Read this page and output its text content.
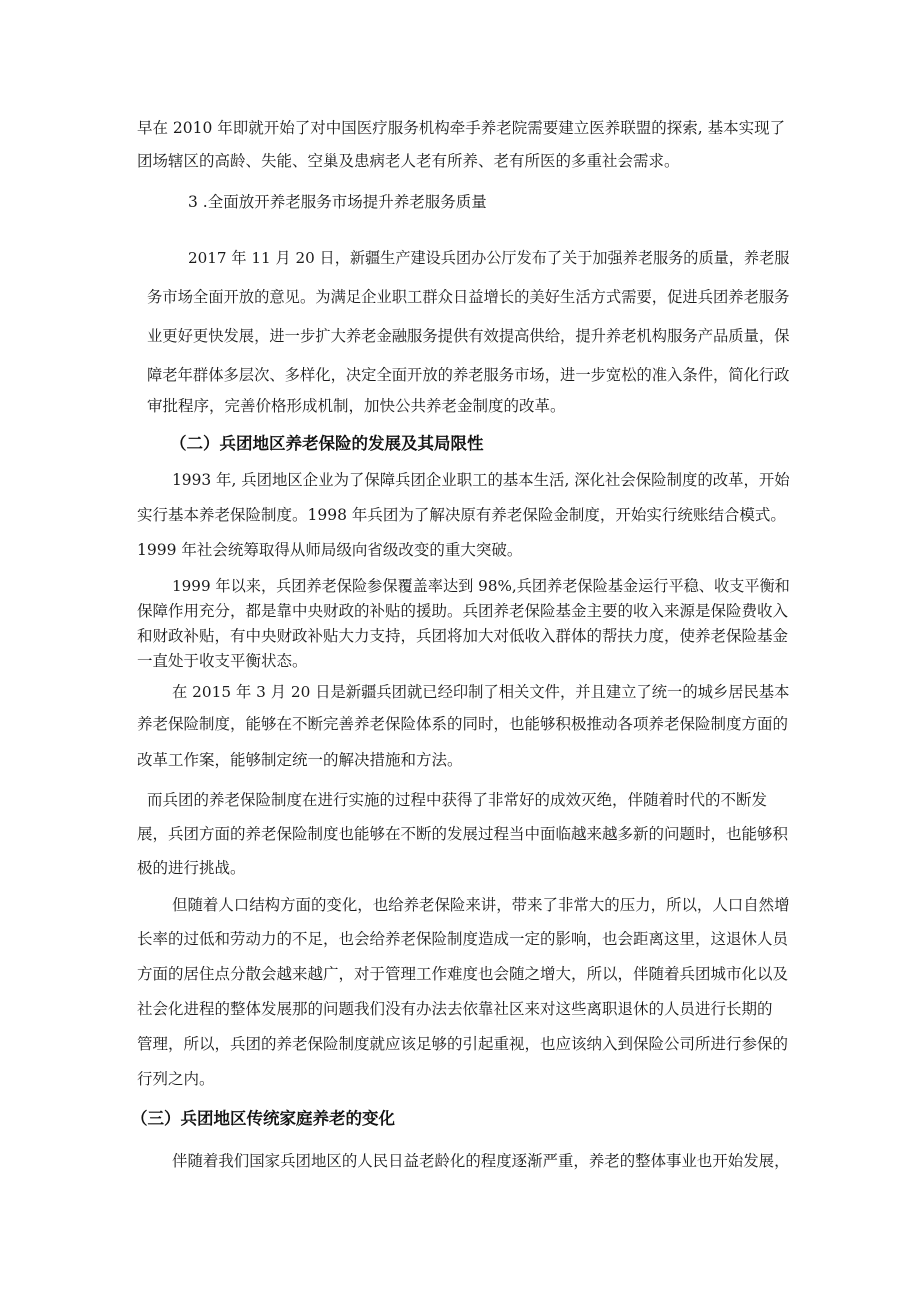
早在 2010 年即就开始了对中国医疗服务机构牵手养老院需要建立医养联盟的探索, 基本实现了
团场辖区的高龄、失能、空巢及患病老人老有所养、老有所医的多重社会需求。
3 .全面放开养老服务市场提升养老服务质量
2017 年 11 月 20 日，新疆生产建设兵团办公厅发布了关于加强养老服务的质量，养老服
务市场全面开放的意见。为满足企业职工群众日益增长的美好生活方式需要，促进兵团养老服务
业更好更快发展，进一步扩大养老金融服务提供有效提高供给，提升养老机构服务产品质量，保
障老年群体多层次、多样化，决定全面开放的养老服务市场，进一步宽松的准入条件，简化行政
审批程序，完善价格形成机制，加快公共养老金制度的改革。
（二）兵团地区养老保险的发展及其局限性
1993 年, 兵团地区企业为了保障兵团企业职工的基本生活, 深化社会保险制度的改革，开始
实行基本养老保险制度。1998 年兵团为了解决原有养老保险金制度，开始实行统账结合模式。
1999 年社会统筹取得从师局级向省级改变的重大突破。
1999 年以来，兵团养老保险参保覆盖率达到 98%,兵团养老保险基金运行平稳、收支平衡和
保障作用充分，都是靠中央财政的补贴的援助。兵团养老保险基金主要的收入来源是保险费收入
和财政补贴，有中央财政补贴大力支持，兵团将加大对低收入群体的帮扶力度，使养老保险基金
一直处于收支平衡状态。
在 2015 年 3 月 20 日是新疆兵团就已经印制了相关文件，并且建立了统一的城乡居民基本
养老保险制度，能够在不断完善养老保险体系的同时，也能够积极推动各项养老保险制度方面的
改革工作案，能够制定统一的解决措施和方法。
而兵团的养老保险制度在进行实施的过程中获得了非常好的成效灭绝，伴随着时代的不断发
展，兵团方面的养老保险制度也能够在不断的发展过程当中面临越来越多新的问题时，也能够积
极的进行挑战。
但随着人口结构方面的变化，也给养老保险来讲，带来了非常大的压力，所以，人口自然增
长率的过低和劳动力的不足，也会给养老保险制度造成一定的影响，也会距离这里，这退休人员
方面的居住点分散会越来越广，对于管理工作难度也会随之增大，所以，伴随着兵团城市化以及
社会化进程的整体发展那的问题我们没有办法去依靠社区来对这些离职退休的人员进行长期的
管理，所以，兵团的养老保险制度就应该足够的引起重视，也应该纳入到保险公司所进行参保的
行列之内。
（三）兵团地区传统家庭养老的变化
伴随着我们国家兵团地区的人民日益老龄化的程度逐渐严重，养老的整体事业也开始发展，
